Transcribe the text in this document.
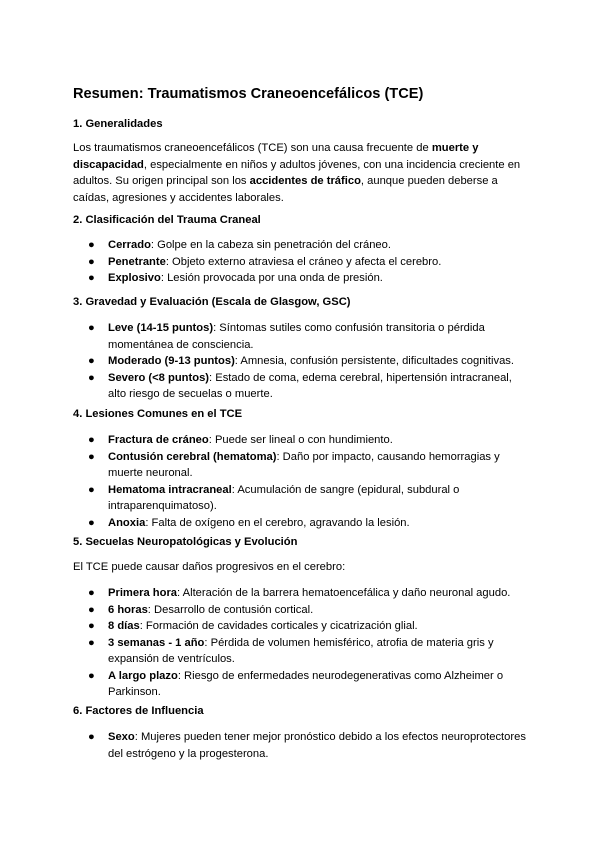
Resumen: Traumatismos Craneoencefálicos (TCE)
1. Generalidades

Los traumatismos craneoencefálicos (TCE) son una causa frecuente de muerte y discapacidad, especialmente en niños y adultos jóvenes, con una incidencia creciente en adultos. Su origen principal son los accidentes de tráfico, aunque pueden deberse a caídas, agresiones y accidentes laborales.

2. Clasificación del Trauma Craneal
● Cerrado: Golpe en la cabeza sin penetración del cráneo.
● Penetrante: Objeto externo atraviesa el cráneo y afecta el cerebro.
● Explosivo: Lesión provocada por una onda de presión.
3. Gravedad y Evaluación (Escala de Glasgow, GSC)
● Leve (14-15 puntos): Síntomas sutiles como confusión transitoria o pérdida momentánea de consciencia.
● Moderado (9-13 puntos): Amnesia, confusión persistente, dificultades cognitivas.
● Severo (<8 puntos): Estado de coma, edema cerebral, hipertensión intracraneal, alto riesgo de secuelas o muerte.
4. Lesiones Comunes en el TCE
● Fractura de cráneo: Puede ser lineal o con hundimiento.
● Contusión cerebral (hematoma): Daño por impacto, causando hemorragias y muerte neuronal.
● Hematoma intracraneal: Acumulación de sangre (epidural, subdural o intraparenquimatoso).
● Anoxia: Falta de oxígeno en el cerebro, agravando la lesión.
5. Secuelas Neuropatológicas y Evolución

El TCE puede causar daños progresivos en el cerebro:

● Primera hora: Alteración de la barrera hematoencefálica y daño neuronal agudo.
● 6 horas: Desarrollo de contusión cortical.
● 8 días: Formación de cavidades corticales y cicatrización glial.
● 3 semanas - 1 año: Pérdida de volumen hemisférico, atrofia de materia gris y expansión de ventrículos.
● A largo plazo: Riesgo de enfermedades neurodegenerativas como Alzheimer o Parkinson.
6. Factores de Influencia
● Sexo: Mujeres pueden tener mejor pronóstico debido a los efectos neuroprotectores del estrógeno y la progesterona.
